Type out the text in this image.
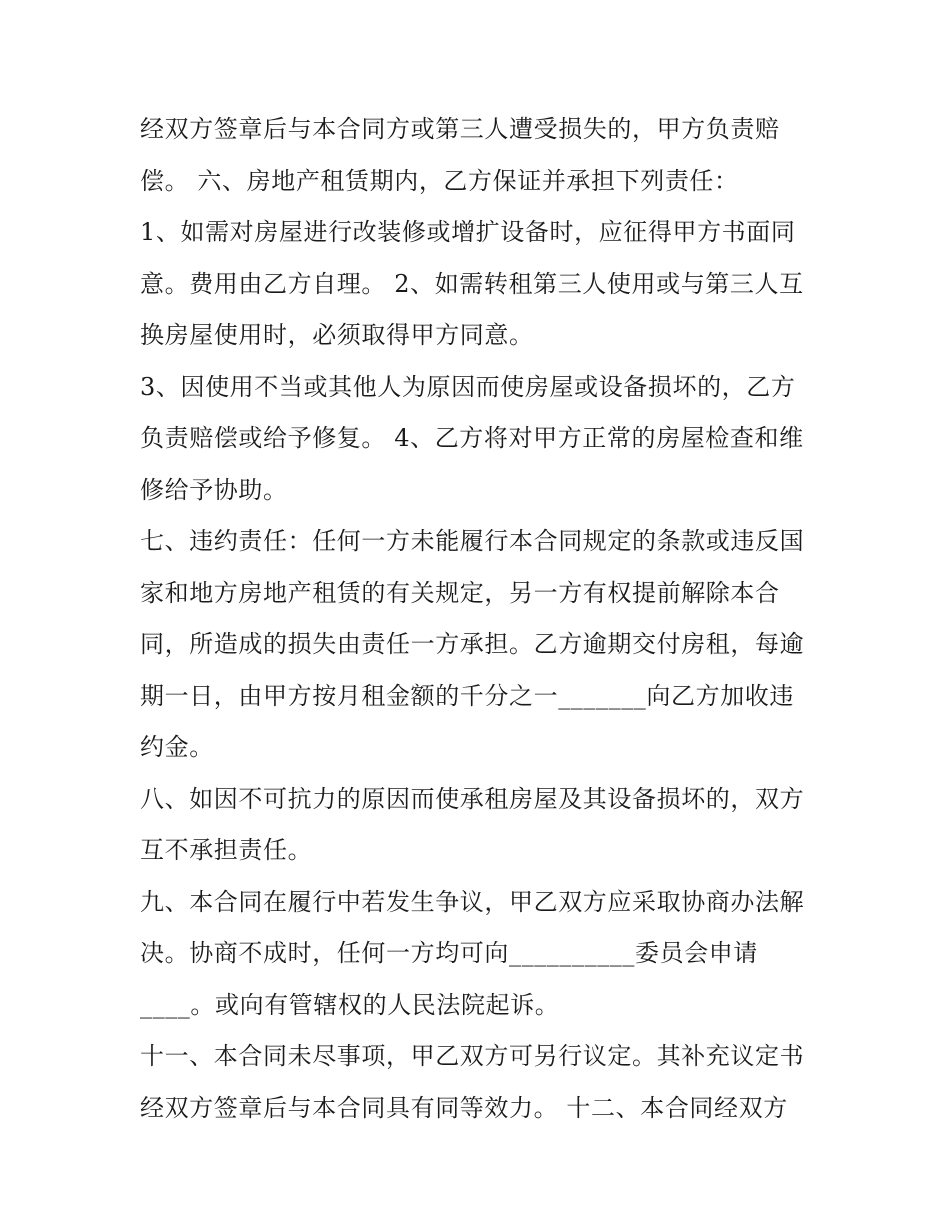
经双方签章后与本合同方或第三人遭受损失的，甲方负责赔
偿。 六、房地产租赁期内，乙方保证并承担下列责任：
1、如需对房屋进行改装修或增扩设备时，应征得甲方书面同
意。费用由乙方自理。 2、如需转租第三人使用或与第三人互
换房屋使用时，必须取得甲方同意。
3、因使用不当或其他人为原因而使房屋或设备损坏的，乙方
负责赔偿或给予修复。 4、乙方将对甲方正常的房屋检查和维
修给予协助。
七、违约责任：任何一方未能履行本合同规定的条款或违反国
家和地方房地产租赁的有关规定，另一方有权提前解除本合
同，所造成的损失由责任一方承担。乙方逾期交付房租，每逾
期一日，由甲方按月租金额的千分之一_______向乙方加收违
约金。
八、如因不可抗力的原因而使承租房屋及其设备损坏的，双方
互不承担责任。
九、本合同在履行中若发生争议，甲乙双方应采取协商办法解
决。协商不成时，任何一方均可向__________委员会申请
____。或向有管辖权的人民法院起诉。
十一、本合同未尽事项，甲乙双方可另行议定。其补充议定书
经双方签章后与本合同具有同等效力。 十二、本合同经双方
